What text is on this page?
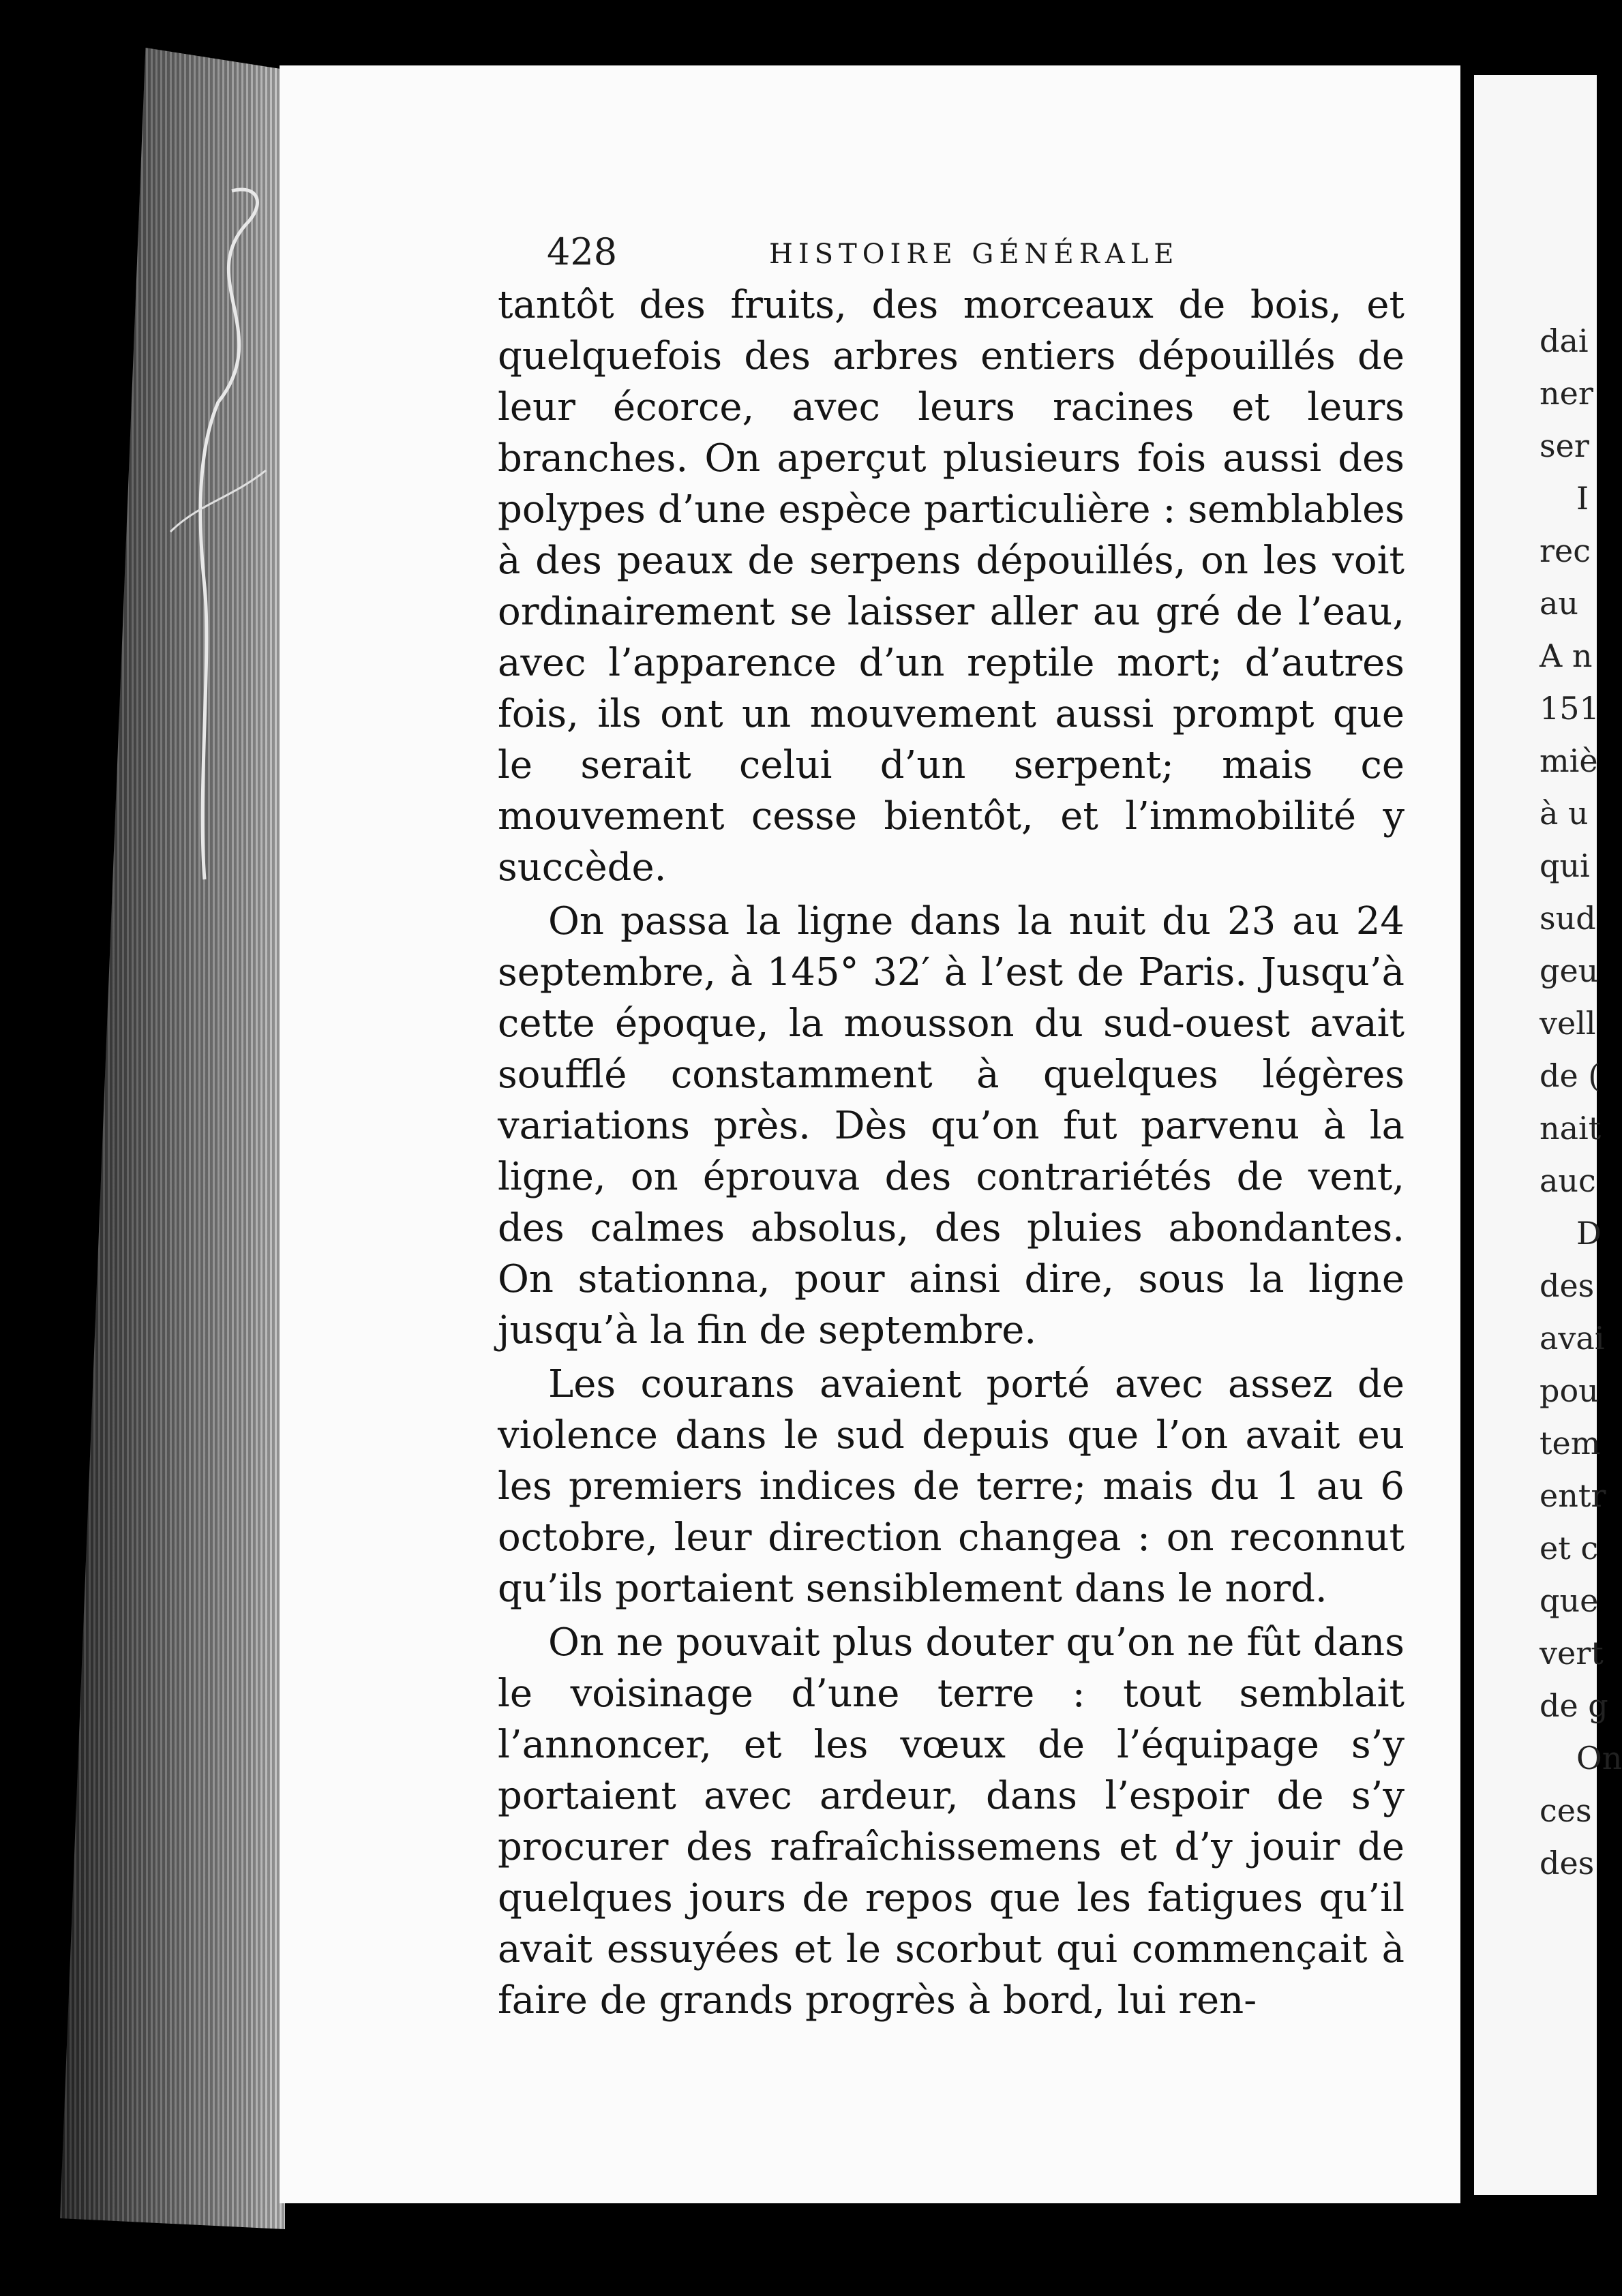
dai
ner
ser
I
rec
au
A n
151
miè
à u
qui
sud
geu
vell
de (
nait
auc
D
des
avai
pou
tem
entr
et c
que
vert
de g
On
ces
des
428	HISTOIRE GÉNÉRALE

tantôt des fruits, des morceaux de bois, et quelquefois des arbres entiers dépouillés de leur écorce, avec leurs racines et leurs branches. On aperçut plusieurs fois aussi des polypes d’une espèce particulière : semblables à des peaux de serpens dépouillés, on les voit ordinairement se laisser aller au gré de l’eau, avec l’apparence d’un reptile mort; d’autres fois, ils ont un mouvement aussi prompt que le serait celui d’un serpent; mais ce mouvement cesse bientôt, et l’immobilité y succède.

On passa la ligne dans la nuit du 23 au 24 septembre, à 145° 32′ à l’est de Paris. Jusqu’à cette époque, la mousson du sud-ouest avait soufflé constamment à quelques légères variations près. Dès qu’on fut parvenu à la ligne, on éprouva des contrariétés de vent, des calmes absolus, des pluies abondantes. On stationna, pour ainsi dire, sous la ligne jusqu’à la fin de septembre.

Les courans avaient porté avec assez de violence dans le sud depuis que l’on avait eu les premiers indices de terre; mais du 1 au 6 octobre, leur direction changea : on reconnut qu’ils portaient sensiblement dans le nord.

On ne pouvait plus douter qu’on ne fût dans le voisinage d’une terre : tout semblait l’annoncer, et les vœux de l’équipage s’y portaient avec ardeur, dans l’espoir de s’y procurer des rafraîchissemens et d’y jouir de quelques jours de repos que les fatigues qu’il avait essuyées et le scorbut qui commençait à faire de grands progrès à bord, lui ren-
